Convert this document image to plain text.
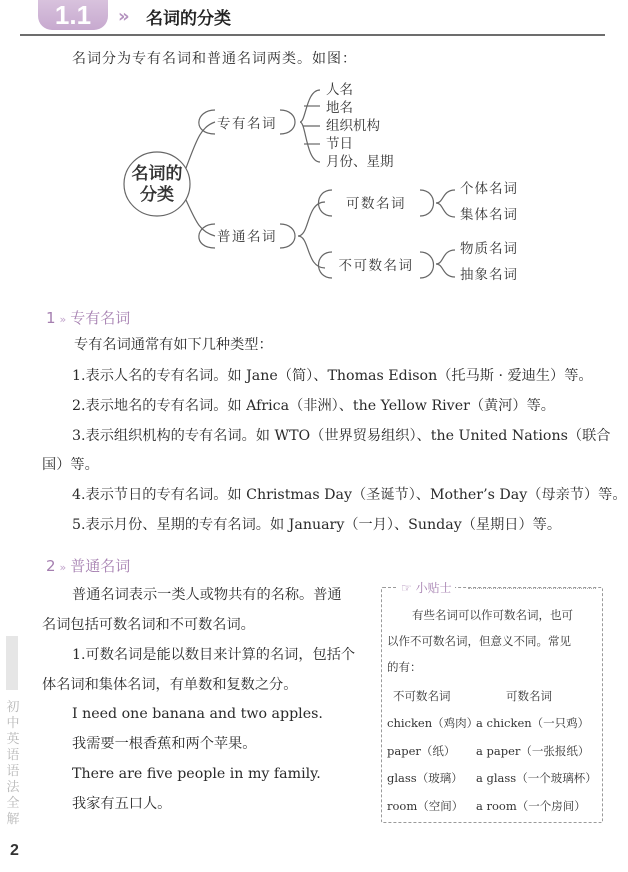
1.1	» 名词的分类
名词分为专有名词和普通名词两类。如图：
名词的
分类
专有名词
人名
地名
组织机构
节日
月份、星期
普通名词
可数名词
不可数名词
个体名词
集体名词
物质名词
抽象名词
1 » 专有名词
专有名词通常有如下几种类型：
1.表示人名的专有名词。如 Jane（简）、Thomas Edison（托马斯 · 爱迪生）等。
2.表示地名的专有名词。如 Africa（非洲）、the Yellow River（黄河）等。
3.表示组织机构的专有名词。如 WTO（世界贸易组织）、the United Nations（联合
国）等。
4.表示节日的专有名词。如 Christmas Day（圣诞节）、Mother’s Day（母亲节）等。
5.表示月份、星期的专有名词。如 January（一月）、Sunday（星期日）等。
2 » 普通名词
普通名词表示一类人或物共有的名称。普通
名词包括可数名词和不可数名词。
1.可数名词是能以数目来计算的名词，包括个
体名词和集体名词，有单数和复数之分。
I need one banana and two apples.
我需要一根香蕉和两个苹果。
There are five people in my family.
我家有五口人。
☞ 小贴士
有些名词可以作可数名词，也可
以作不可数名词，但意义不同。常见
的有：
不可数名词	可数名词
chicken（鸡肉）
a chicken（一只鸡）
paper（纸） a paper（一张报纸）
glass（玻璃） a glass（一个玻璃杯）
room（空间） a room（一个房间）
初中英语语法全解
2
